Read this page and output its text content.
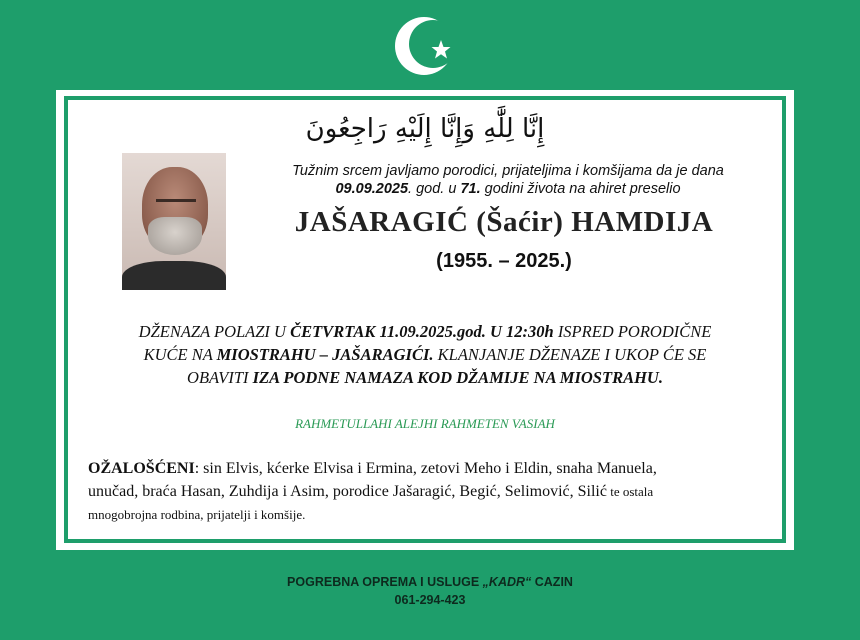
إِنَّا لِلَّٰهِ وَإِنَّا إِلَيْهِ رَاجِعُونَ
Tužnim srcem javljamo porodici, prijateljima i komšijama da je dana
09.09.2025. god. u 71. godini života na ahiret preselio
JAŠARAGIĆ (Šaćir) HAMDIJA
(1955. – 2025.)
DŽENAZA POLAZI U ČETVRTAK 11.09.2025.god. U 12:30h ISPRED PORODIČNE
KUĆE NA MIOSTRAHU – JAŠARAGIĆI. KLANJANJE DŽENAZE I UKOP ĆE SE
OBAVITI IZA PODNE NAMAZA KOD DŽAMIJE NA MIOSTRAHU.
RAHMETULLAHI ALEJHI RAHMETEN VASIAH
OŽALOŠĆENI: sin Elvis, kćerke Elvisa i Ermina, zetovi Meho i Eldin, snaha Manuela,
unučad, braća Hasan, Zuhdija i Asim, porodice Jašaragić, Begić, Selimović, Silić te ostala
mnogobrojna rodbina, prijatelji i komšije.
POGREBNA OPREMA I USLUGE „KADR“ CAZIN
061-294-423
